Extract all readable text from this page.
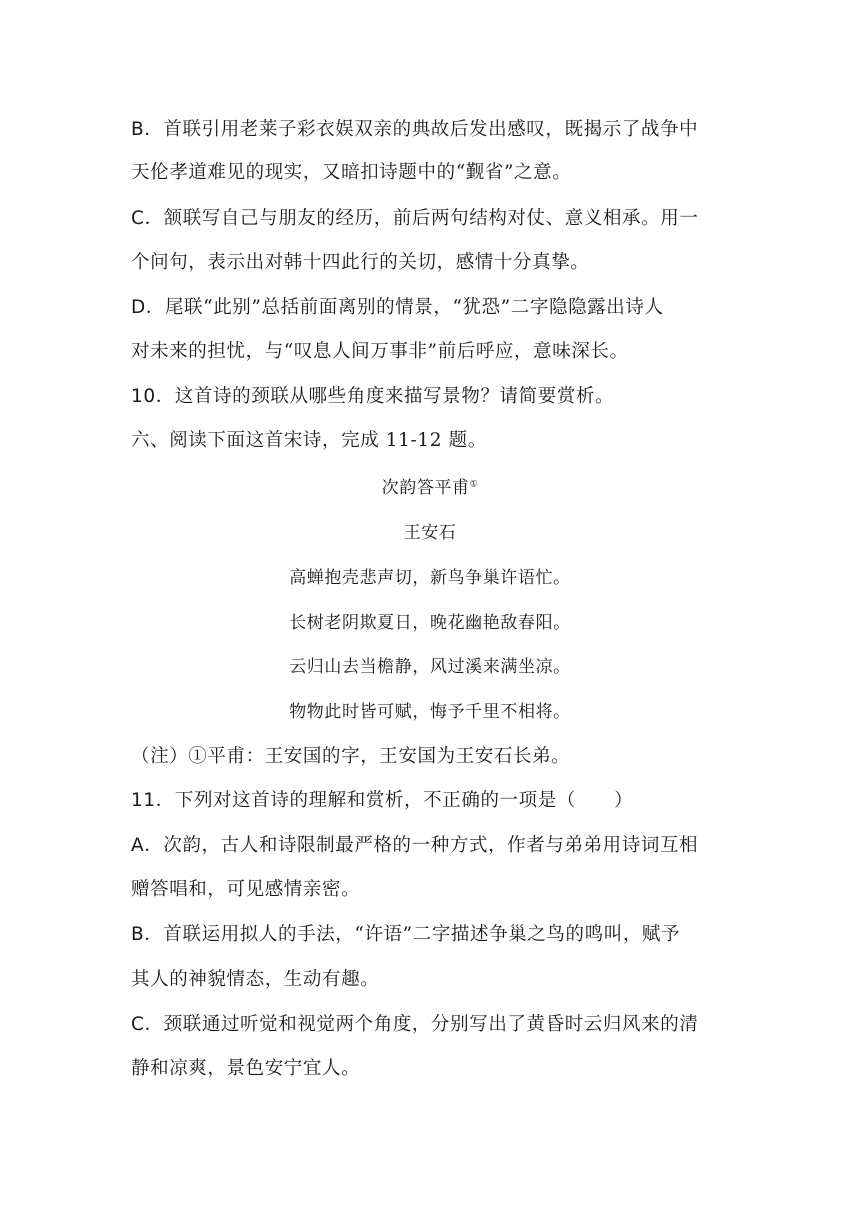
B．首联引用老莱子彩衣娱双亲的典故后发出感叹，既揭示了战争中
天伦孝道难见的现实，又暗扣诗题中的“觐省”之意。
C．颔联写自己与朋友的经历，前后两句结构对仗、意义相承。用一
个问句，表示出对韩十四此行的关切，感情十分真挚。
D．尾联“此别”总括前面离别的情景，“犹恐”二字隐隐露出诗人
对未来的担忧，与“叹息人间万事非”前后呼应，意味深长。
10．这首诗的颈联从哪些角度来描写景物？请简要赏析。
六、阅读下面这首宋诗，完成 11-12 题。
次韵答平甫①
王安石
高蝉抱壳悲声切，新鸟争巢许语忙。
长树老阴欺夏日，晚花幽艳敌春阳。
云归山去当檐静，风过溪来满坐凉。
物物此时皆可赋，悔予千里不相将。
（注）①平甫：王安国的字，王安国为王安石长弟。
11．下列对这首诗的理解和赏析，不正确的一项是（　　）
A．次韵，古人和诗限制最严格的一种方式，作者与弟弟用诗词互相
赠答唱和，可见感情亲密。
B．首联运用拟人的手法，“许语”二字描述争巢之鸟的鸣叫，赋予
其人的神貌情态，生动有趣。
C．颈联通过听觉和视觉两个角度，分别写出了黄昏时云归风来的清
静和凉爽，景色安宁宜人。
